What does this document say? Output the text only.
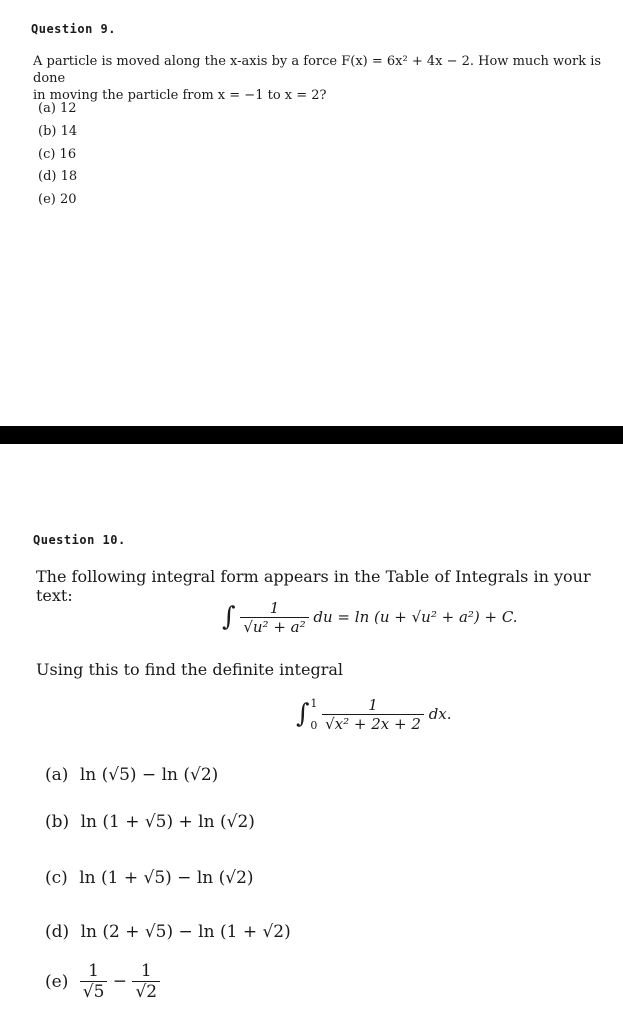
Question 9.
A particle is moved along the x-axis by a force F(x) = 6x² + 4x − 2. How much work is done
in moving the particle from x = −1 to x = 2?
(a) 12
(b) 14
(c) 16
(d) 18
(e) 20
Question 10.
The following integral form appears in the Table of Integrals in your text:
∫ $\frac{1}{\text{√u² + a²}}$ du = ln (u + √u² + a²) + C.
Using this to find the definite integral
∫ 1
0
$\frac{1}{\text{√x² + 2x + 2}}$ dx.
(a) ln (√5) − ln (√2)
(b) ln (1 + √5) + ln (√2)
(c) ln (1 + √5) − ln (√2)
(d) ln (2 + √5) − ln (1 + √2)
$(e) \frac{1}{√5} - \frac{1}{√2}$
